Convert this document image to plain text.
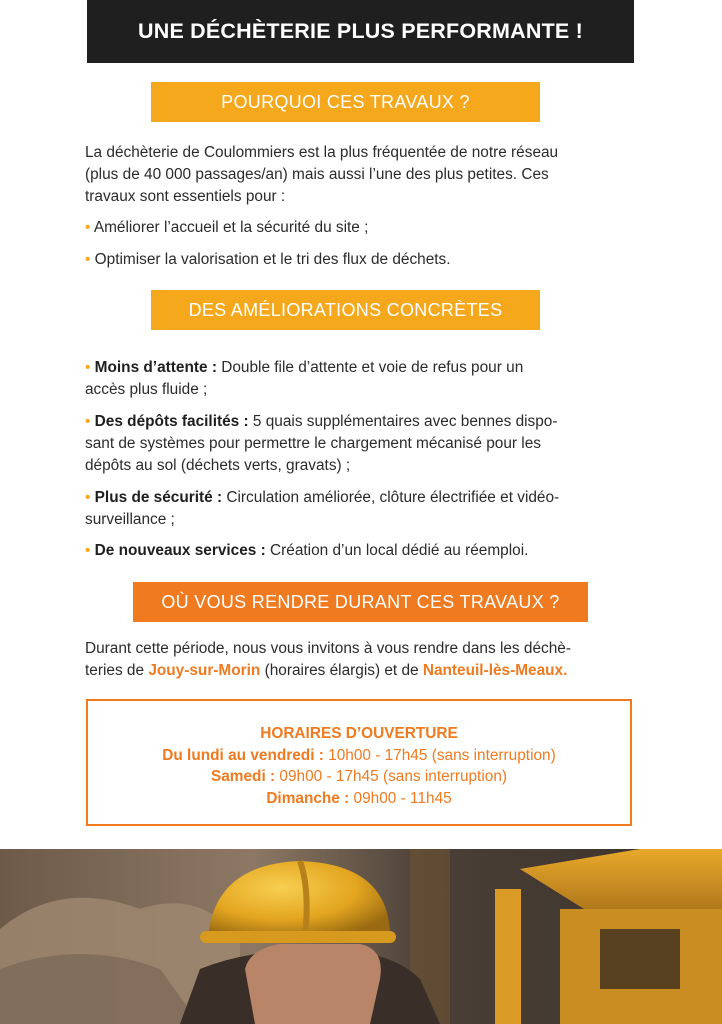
UNE DÉCHÈTERIE PLUS PERFORMANTE !
POURQUOI CES TRAVAUX ?

La déchèterie de Coulommiers est la plus fréquentée de notre réseau
(plus de 40 000 passages/an) mais aussi l’une des plus petites. Ces
travaux sont essentiels pour :

• Améliorer l’accueil et la sécurité du site ;

• Optimiser la valorisation et le tri des flux de déchets.

DES AMÉLIORATIONS CONCRÈTES

• Moins d’attente : Double file d’attente et voie de refus pour un
accès plus fluide ;

• Des dépôts facilités : 5 quais supplémentaires avec bennes dispo-
sant de systèmes pour permettre le chargement mécanisé pour les
dépôts au sol (déchets verts, gravats) ;

• Plus de sécurité : Circulation améliorée, clôture électrifiée et vidéo-
surveillance ;

• De nouveaux services : Création d’un local dédié au réemploi.

OÙ VOUS RENDRE DURANT CES TRAVAUX ?

Durant cette période, nous vous invitons à vous rendre dans les déchè-
teries de Jouy-sur-Morin (horaires élargis) et de Nanteuil-lès-Meaux.

HORAIRES D’OUVERTURE
Du lundi au vendredi : 10h00 - 17h45 (sans interruption)
Samedi : 09h00 - 17h45 (sans interruption)
Dimanche : 09h00 - 11h45
